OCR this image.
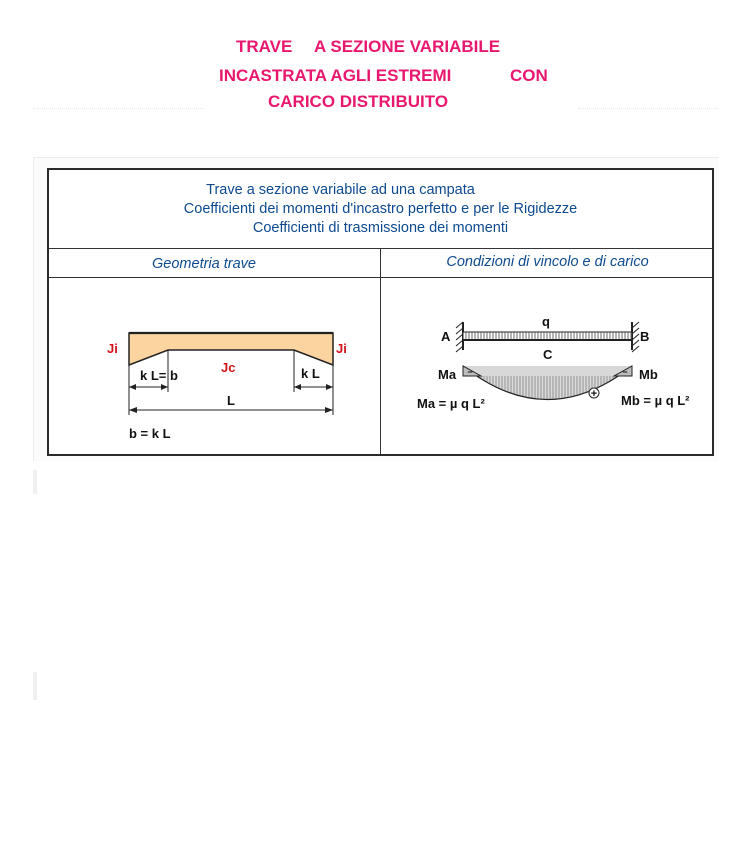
TRAVE A SEZIONE VARIABILE
INCASTRATA AGLI ESTREMI	CON
CARICO DISTRIBUITO
Trave a sezione variabile ad una campata
Coefficienti dei momenti d'incastro perfetto e per le Rigidezze
Coefficienti di trasmissione dei momenti
Geometria trave	Condizioni di vincolo e di carico
Ji	Ji
Jc
k L= b	k L
L
b = k L
A	B
q
C
+
−	−
Ma	Mb
Ma = µ q L²	Mb = µ q L²
